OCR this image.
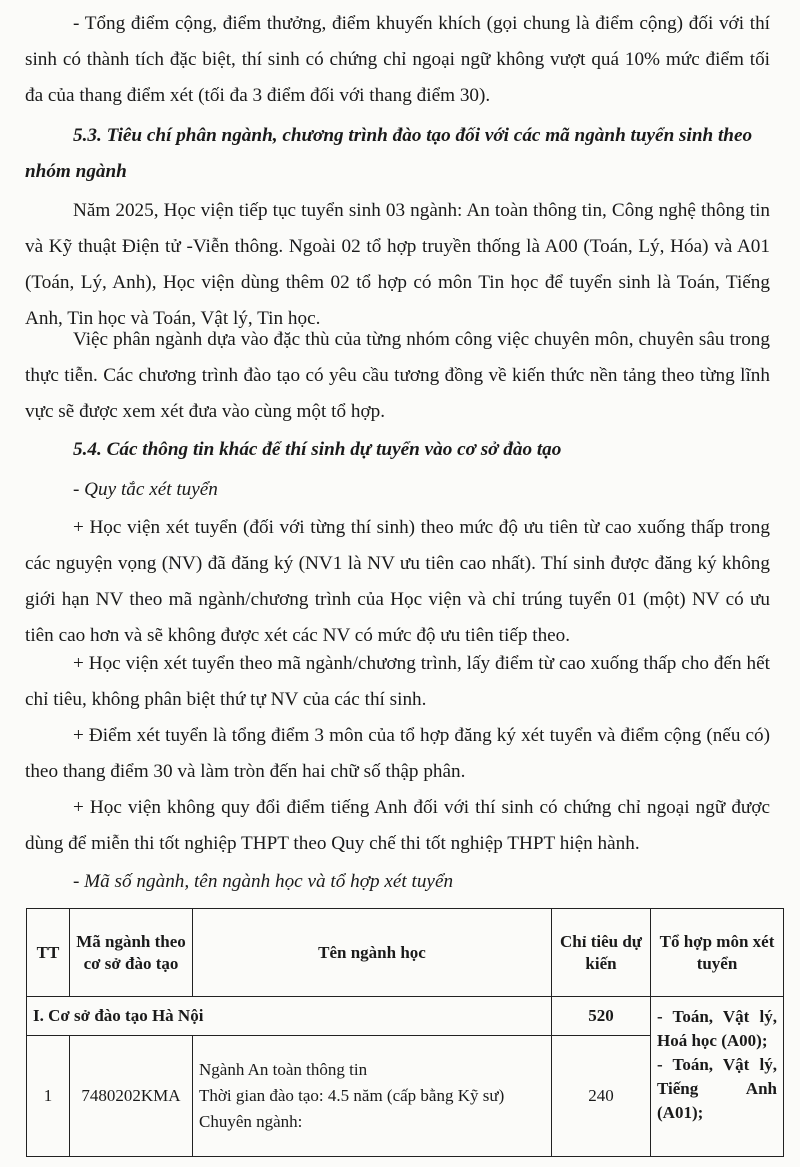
- Tổng điểm cộng, điểm thưởng, điểm khuyến khích (gọi chung là điểm cộng) đối với thí sinh có thành tích đặc biệt, thí sinh có chứng chỉ ngoại ngữ không vượt quá 10% mức điểm tối đa của thang điểm xét (tối đa 3 điểm đối với thang điểm 30).

5.3. Tiêu chí phân ngành, chương trình đào tạo đối với các mã ngành tuyển sinh theo nhóm ngành

Năm 2025, Học viện tiếp tục tuyển sinh 03 ngành: An toàn thông tin, Công nghệ thông tin và Kỹ thuật Điện tử -Viễn thông. Ngoài 02 tổ hợp truyền thống là A00 (Toán, Lý, Hóa) và A01 (Toán, Lý, Anh), Học viện dùng thêm 02 tổ hợp có môn Tin học để tuyển sinh là Toán, Tiếng Anh, Tin học và Toán, Vật lý, Tin học.

Việc phân ngành dựa vào đặc thù của từng nhóm công việc chuyên môn, chuyên sâu trong thực tiễn. Các chương trình đào tạo có yêu cầu tương đồng về kiến thức nền tảng theo từng lĩnh vực sẽ được xem xét đưa vào cùng một tổ hợp.

5.4. Các thông tin khác để thí sinh dự tuyển vào cơ sở đào tạo

- Quy tắc xét tuyển

+ Học viện xét tuyển (đối với từng thí sinh) theo mức độ ưu tiên từ cao xuống thấp trong các nguyện vọng (NV) đã đăng ký (NV1 là NV ưu tiên cao nhất). Thí sinh được đăng ký không giới hạn NV theo mã ngành/chương trình của Học viện và chỉ trúng tuyển 01 (một) NV có ưu tiên cao hơn và sẽ không được xét các NV có mức độ ưu tiên tiếp theo.

+ Học viện xét tuyển theo mã ngành/chương trình, lấy điểm từ cao xuống thấp cho đến hết chỉ tiêu, không phân biệt thứ tự NV của các thí sinh.

+ Điểm xét tuyển là tổng điểm 3 môn của tổ hợp đăng ký xét tuyển và điểm cộng (nếu có) theo thang điểm 30 và làm tròn đến hai chữ số thập phân.

+ Học viện không quy đổi điểm tiếng Anh đối với thí sinh có chứng chỉ ngoại ngữ được dùng để miễn thi tốt nghiệp THPT theo Quy chế thi tốt nghiệp THPT hiện hành.

- Mã số ngành, tên ngành học và tổ hợp xét tuyển

TT	Mã ngành theo cơ sở đào tạo	Tên ngành học	Chỉ tiêu dự kiến	Tổ hợp môn xét tuyển
I. Cơ sở đào tạo Hà Nội			520	- Toán, Vật lý, Hoá học (A00);
- Toán, Vật lý, Tiếng Anh (A01);

1	7480202KMA	Ngành An toàn thông tin
Thời gian đào tạo: 4.5 năm (cấp bằng Kỹ sư)
Chuyên ngành:	240	
